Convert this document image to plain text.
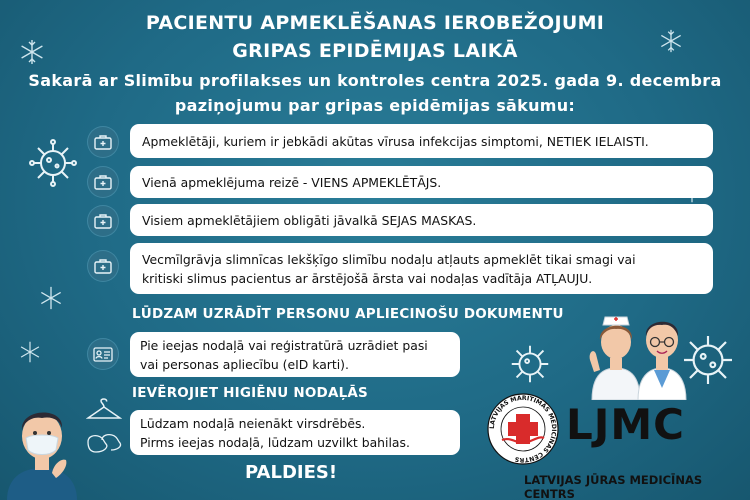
PACIENTU APMEKLĒŠANAS IEROBEŽOJUMI
GRIPAS EPIDĒMIJAS LAIKĀ
Sakarā ar Slimību profilakses un kontroles centra 2025. gada 9. decembra
paziņojumu par gripas epidēmijas sākumu:
Apmeklētāji, kuriem ir jebkādi akūtas vīrusa infekcijas simptomi, NETIEK IELAISTI.
Vienā apmeklējuma reizē - VIENS APMEKLĒTĀJS.
Visiem apmeklētājiem obligāti jāvalkā SEJAS MASKAS.
Vecmīlgrāvja slimnīcas Iekšķīgo slimību nodaļu atļauts apmeklēt tikai smagi vai
kritiski slimus pacientus ar ārstējošā ārsta vai nodaļas vadītāja ATĻAUJU.
LŪDZAM UZRĀDĪT PERSONU APLIECINOŠU DOKUMENTU
Pie ieejas nodaļā vai reģistratūrā uzrādiet pasi
vai personas apliecību (eID karti).
IEVĒROJIET HIGIĒNU NODAĻĀS
Lūdzam nodaļā neienākt virsdrēbēs.
Pirms ieejas nodaļā, lūdzam uzvilkt bahilas.
PALDIES!
LATVIJAS MARITIMĀS MEDICĪNAS CENTRS
LJMC
LATVIJAS JŪRAS MEDICĪNAS CENTRS
